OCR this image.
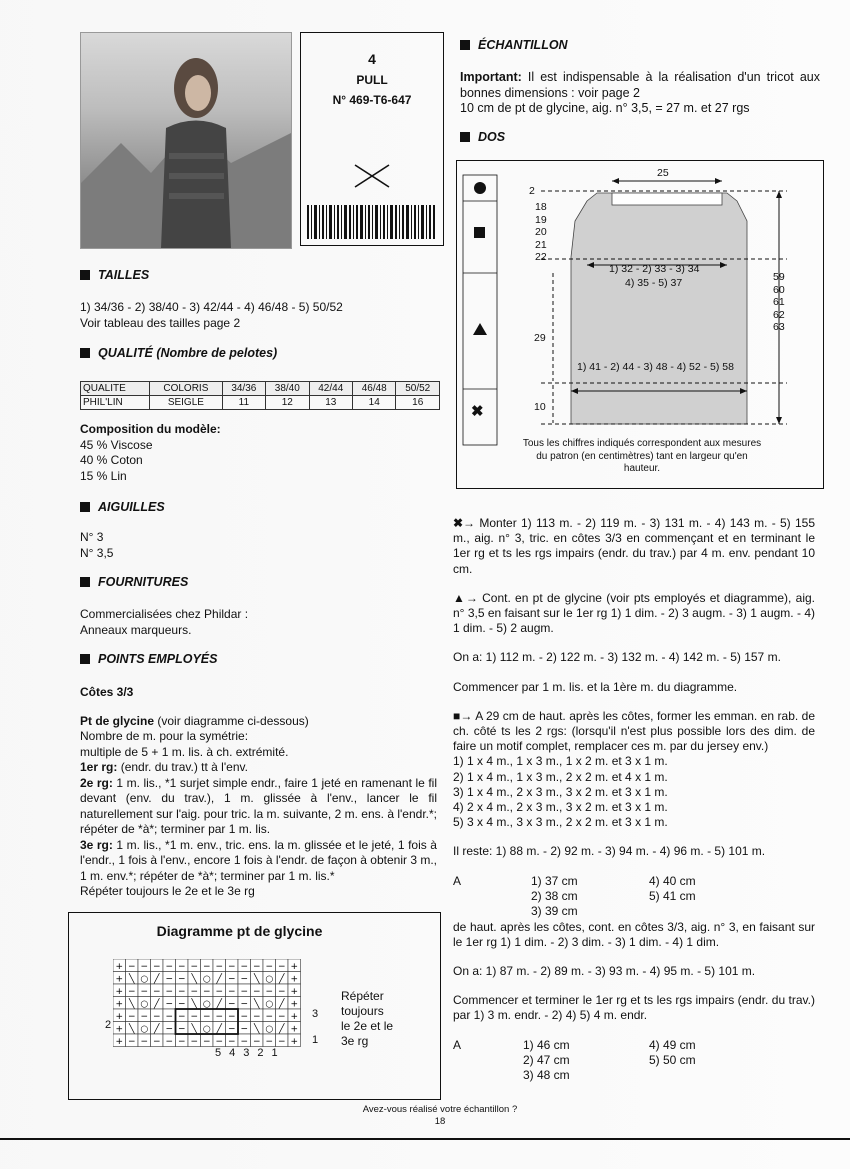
4
PULL
N° 469-T6-647
TAILLES
1) 34/36 - 2) 38/40 - 3) 42/44 - 4) 46/48 - 5) 50/52
Voir tableau des tailles page 2
QUALITÉ (Nombre de pelotes)
QUALITE	COLORIS	34/36	38/40	42/44	46/48	50/52
PHIL'LIN	SEIGLE	11	12	13	14	16
Composition du modèle:
45 % Viscose
40 % Coton
15 % Lin
AIGUILLES
N° 3
N° 3,5
FOURNITURES
Commercialisées chez Phildar :
Anneaux marqueurs.
POINTS EMPLOYÉS
Côtes 3/3
Pt de glycine (voir diagramme ci-dessous)
Nombre de m. pour la symétrie:
multiple de 5 + 1 m. lis. à ch. extrémité.
1er rg: (endr. du trav.) tt à l'env.
2e rg: 1 m. lis., *1 surjet simple endr., faire 1 jeté en ramenant le fil devant (env. du trav.), 1 m. glissée à l'env., lancer le fil naturellement sur l'aig. pour tric. la m. suivante, 2 m. ens. à l'endr.*; répéter de *à*; terminer par 1 m. lis.
3e rg: 1 m. lis., *1 m. env., tric. ens. la m. glissée et le jeté, 1 fois à l'endr., 1 fois à l'env., encore 1 fois à l'endr. de façon à obtenir 3 m., 1 m. env.*; répéter de *à*; terminer par 1 m. lis.*
Répéter toujours le 2e et le 3e rg
Diagramme pt de glycine
+ − − − − − − − − − − − − − +
+ ╲ ○ ╱ − − ╲ ○ ╱ − − ╲ ○ ╱ +
+ − − − − − − − − − − − − − +
+ ╲ ○ ╱ − − ╲ ○ ╱ − − ╲ ○ ╱ +
+ − − − − − − − − − − − − − +
+ ╲ ○ ╱ − − ╲ ○ ╱ − − ╲ ○ ╱ +
+ − − − − − − − − − − − − − +
2
3
1
5 4 3 2 1
Répéter
toujours
le 2e et le
3e rg
ÉCHANTILLON
Important: Il est indispensable à la réalisation d'un tricot aux bonnes dimensions : voir page 2
10 cm de pt de glycine, aig. n° 3,5, = 27 m. et 27 rgs
DOS
✖
25
2
18
19
20
21
22
1) 32 - 2) 33 - 3) 34
4) 35 - 5) 37	59
60
61
62
63
29
1) 41 - 2) 44 - 3) 48 - 4) 52 - 5) 58
10
Tous les chiffres indiqués correspondent aux mesures du patron (en centimètres) tant en largeur qu'en hauteur.
✖→ Monter 1) 113 m. - 2) 119 m. - 3) 131 m. - 4) 143 m. - 5) 155 m., aig. n° 3, tric. en côtes 3/3 en commençant et en terminant le 1er rg et ts les rgs impairs (endr. du trav.) par 4 m. env. pendant 10 cm.
▲→ Cont. en pt de glycine (voir pts employés et diagramme), aig. n° 3,5 en faisant sur le 1er rg 1) 1 dim. - 2) 3 augm. - 3) 1 augm. - 4) 1 dim. - 5) 2 augm.
On a: 1) 112 m. - 2) 122 m. - 3) 132 m. - 4) 142 m. - 5) 157 m.
Commencer par 1 m. lis. et la 1ère m. du diagramme.
■→ A 29 cm de haut. après les côtes, former les emman. en rab. de ch. côté ts les 2 rgs: (lorsqu'il n'est plus possible lors des dim. de faire un motif complet, remplacer ces m. par du jersey env.)
1) 1 x 4 m., 1 x 3 m., 1 x 2 m. et 3 x 1 m.
2) 1 x 4 m., 1 x 3 m., 2 x 2 m. et 4 x 1 m.
3) 1 x 4 m., 2 x 3 m., 3 x 2 m. et 3 x 1 m.
4) 2 x 4 m., 2 x 3 m., 3 x 2 m. et 3 x 1 m.
5) 3 x 4 m., 3 x 3 m., 2 x 2 m. et 3 x 1 m.
Il reste: 1) 88 m. - 2) 92 m. - 3) 94 m. - 4) 96 m. - 5) 101 m.
A	1) 37 cm
2) 38 cm
3) 39 cm
4) 40 cm
5) 41 cm
de haut. après les côtes, cont. en côtes 3/3, aig. n° 3, en faisant sur le 1er rg 1) 1 dim. - 2) 3 dim. - 3) 1 dim. - 4) 1 dim.
On a: 1) 87 m. - 2) 89 m. - 3) 93 m. - 4) 95 m. - 5) 101 m.
Commencer et terminer le 1er rg et ts les rgs impairs (endr. du trav.) par 1) 3 m. endr. - 2) 4) 5) 4 m. endr.
A	1) 46 cm
2) 47 cm
3) 48 cm
4) 49 cm
5) 50 cm
Avez-vous réalisé votre échantillon ?
18
